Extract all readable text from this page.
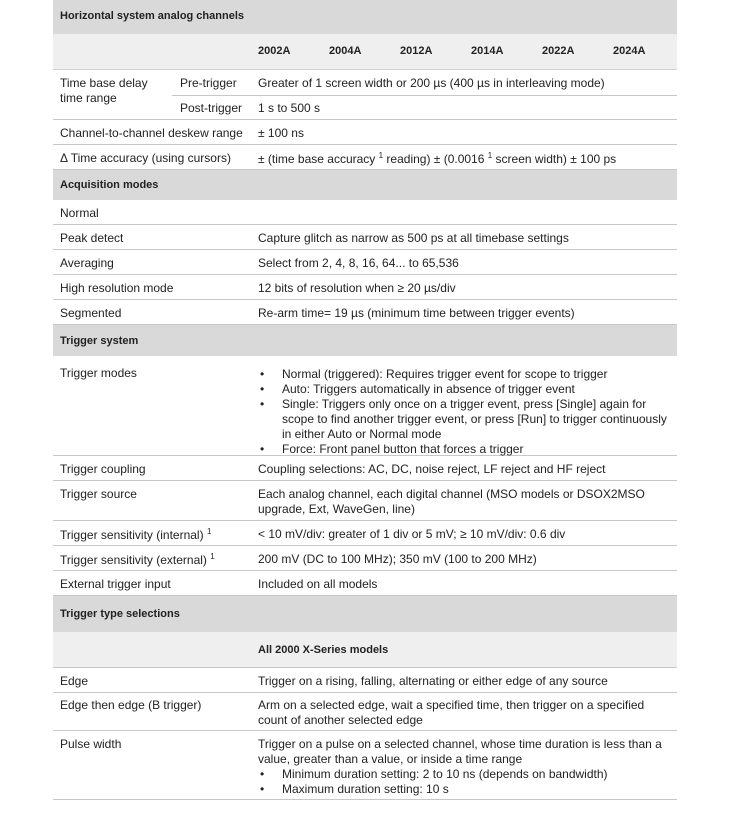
Horizontal system analog channels
2002A	2004A	2012A	2014A	2022A	2024A
Time base delay time range
Pre-trigger Greater of 1 screen width or 200 µs (400 µs in interleaving mode)
Post-trigger 1 s to 500 s
Channel-to-channel deskew range ± 100 ns
Δ Time accuracy (using cursors) ± (time base accuracy $^1$ reading) ± (0.0016 $^1$ screen width) ± 100 ps
Acquisition modes
Normal
Peak detect	Capture glitch as narrow as 500 ps at all timebase settings
Averaging	Select from 2, 4, 8, 16, 64... to 65,536
High resolution mode	12 bits of resolution when ≥ 20 µs/div
Segmented	Re-arm time= 19 µs (minimum time between trigger events)
Trigger system
Trigger modes
•	Normal (triggered): Requires trigger event for scope to trigger
• Auto: Triggers automatically in absence of trigger event
• Single: Triggers only once on a trigger event, press [Single] again for scope to find another trigger event, or press [Run] to trigger continuously in either Auto or Normal mode
• Force: Front panel button that forces a trigger
Trigger coupling	Coupling selections: AC, DC, noise reject, LF reject and HF reject
Trigger source	Each analog channel, each digital channel (MSO models or DSOX2MSO upgrade, Ext, WaveGen, line)
Trigger sensitivity (internal) $^1$	< 10 mV/div: greater of 1 div or 5 mV; ≥ 10 mV/div: 0.6 div
Trigger sensitivity (external) $^1$	200 mV (DC to 100 MHz); 350 mV (100 to 200 MHz)
External trigger input	Included on all models
Trigger type selections
All 2000 X-Series models
Edge	Trigger on a rising, falling, alternating or either edge of any source
Edge then edge (B trigger)	Arm on a selected edge, wait a specified time, then trigger on a specified count of another selected edge
Pulse width	Trigger on a pulse on a selected channel, whose time duration is less than a value, greater than a value, or inside a time range
• Minimum duration setting: 2 to 10 ns (depends on bandwidth)
• Maximum duration setting: 10 s
